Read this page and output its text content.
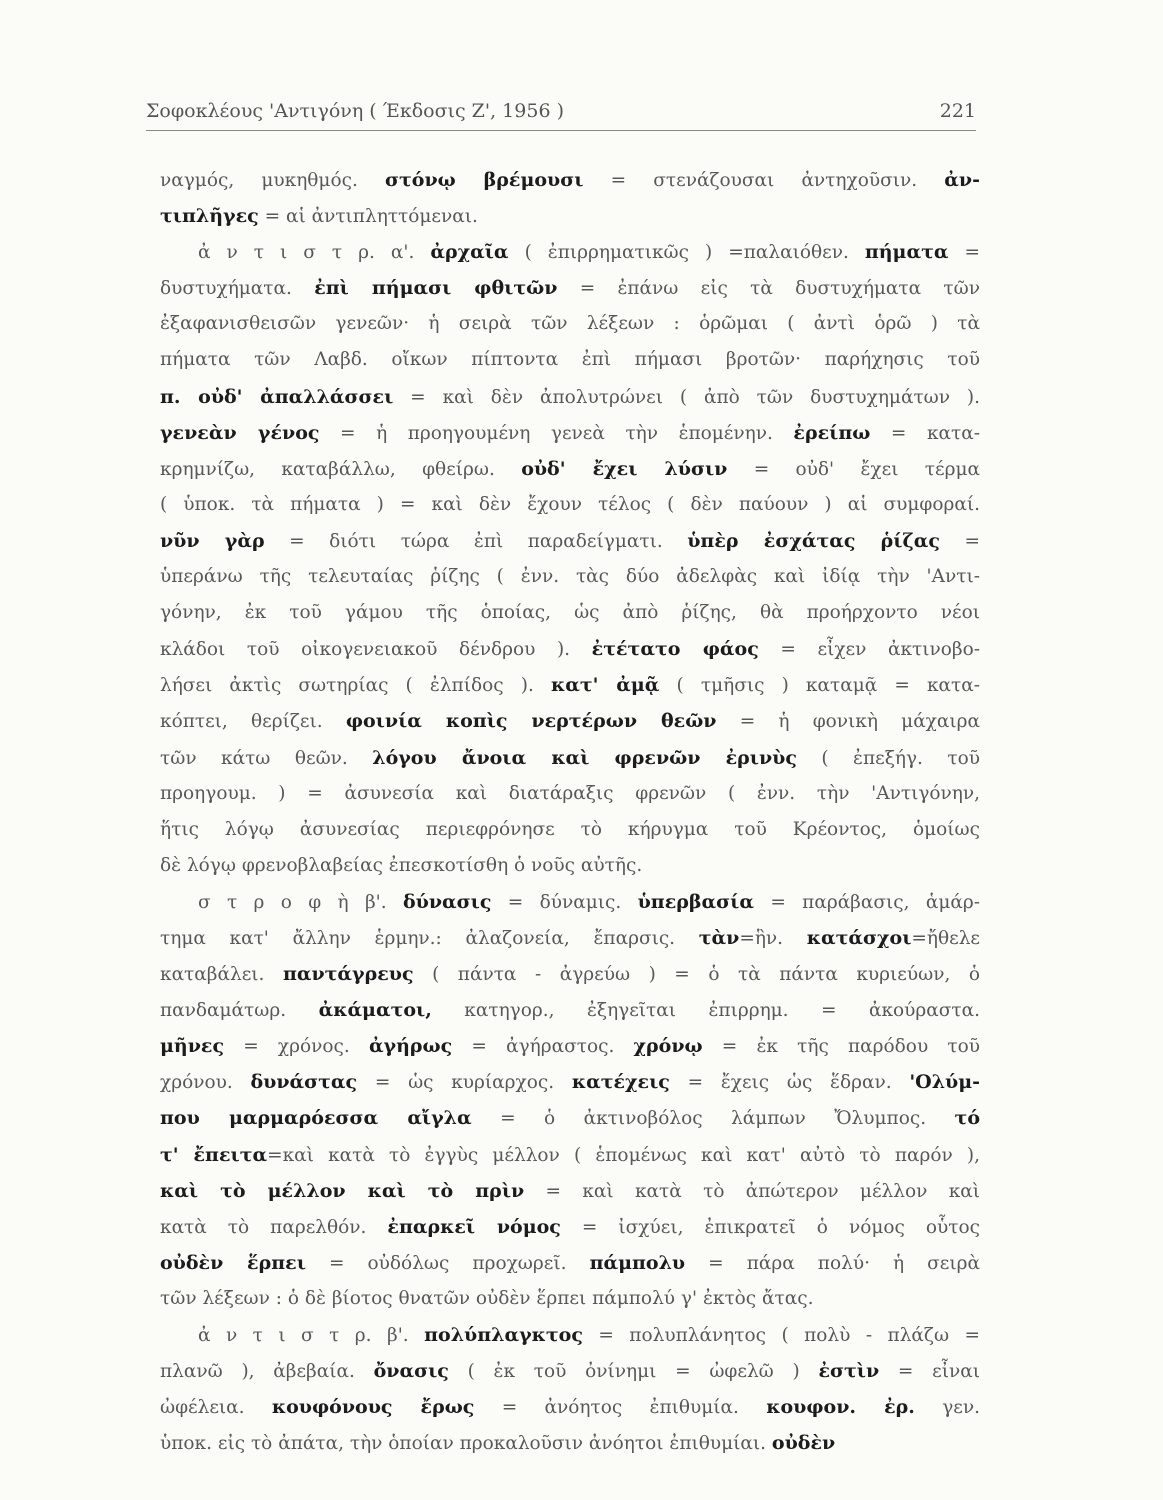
Σοφοκλέους 'Αντιγόνη ( Έκδοσις Ζ', 1956 )	221
ναγμός, μυκηθμός. στόνῳ βρέμουσι = στενάζουσαι ἀντηχοῦσιν. ἀν-
τιπλῆγες = αἱ ἀντιπληττόμεναι.
ἀ ν τ ι σ τ ρ. α'. ἀρχαῖα ( ἐπιρρηματικῶς ) =παλαιόθεν. πήματα =
δυστυχήματα. ἐπὶ πήμασι φθιτῶν = ἐπάνω εἰς τὰ δυστυχήματα τῶν
ἐξαφανισθεισῶν γενεῶν· ἡ σειρὰ τῶν λέξεων : ὁρῶμαι ( ἀντὶ ὁρῶ ) τὰ
πήματα τῶν Λαβδ. οἴκων πίπτοντα ἐπὶ πήμασι βροτῶν· παρήχησις τοῦ
π. οὐδ' ἀπαλλάσσει = καὶ δὲν ἀπολυτρώνει ( ἀπὸ τῶν δυστυχημάτων ).
γενεὰν γένος = ἡ προηγουμένη γενεὰ τὴν ἑπομένην. ἐρείπω = κατα-
κρημνίζω, καταβάλλω, φθείρω. οὐδ' ἔχει λύσιν = οὐδ' ἔχει τέρμα
( ὑποκ. τὰ πήματα ) = καὶ δὲν ἔχουν τέλος ( δὲν παύουν ) αἱ συμφοραί.
νῦν γὰρ = διότι τώρα ἐπὶ παραδείγματι. ὑπὲρ ἐσχάτας ῥίζας =
ὑπεράνω τῆς τελευταίας ῥίζης ( ἐνν. τὰς δύο ἀδελφὰς καὶ ἰδίᾳ τὴν 'Αντι-
γόνην, ἐκ τοῦ γάμου τῆς ὁποίας, ὡς ἀπὸ ῥίζης, θὰ προήρχοντο νέοι
κλάδοι τοῦ οἰκογενειακοῦ δένδρου ). ἐτέτατο φάος = εἶχεν ἀκτινοβο-
λήσει ἀκτὶς σωτηρίας ( ἐλπίδος ). κατ' ἀμᾷ ( τμῆσις ) καταμᾷ = κατα-
κόπτει, θερίζει. φοινία κοπὶς νερτέρων θεῶν = ἡ φονικὴ μάχαιρα
τῶν κάτω θεῶν. λόγου ἄνοια καὶ φρενῶν ἐρινὺς ( ἐπεξήγ. τοῦ
προηγουμ. ) = ἀσυνεσία καὶ διατάραξις φρενῶν ( ἐνν. τὴν 'Αντιγόνην,
ἥτις λόγῳ ἀσυνεσίας περιεφρόνησε τὸ κήρυγμα τοῦ Κρέοντος, ὁμοίως
δὲ λόγῳ φρενοβλαβείας ἐπεσκοτίσθη ὁ νοῦς αὐτῆς.
σ τ ρ ο φ ὴ β'. δύνασις = δύναμις. ὑπερβασία = παράβασις, ἁμάρ-
τημα κατ' ἄλλην ἑρμην.: ἀλαζονεία, ἔπαρσις. τὰν=ἣν. κατάσχοι=ἤθελε
καταβάλει. παντάγρευς ( πάντα - ἀγρεύω ) = ὁ τὰ πάντα κυριεύων, ὁ
πανδαμάτωρ. ἀκάματοι, κατηγορ., ἐξηγεῖται ἐπιρρημ. = ἀκούραστα.
μῆνες = χρόνος. ἀγήρως = ἀγήραστος. χρόνῳ = ἐκ τῆς παρόδου τοῦ
χρόνου. δυνάστας = ὡς κυρίαρχος. κατέχεις = ἔχεις ὡς ἕδραν. 'Ολύμ-
που μαρμαρόεσσα αἴγλα = ὁ ἀκτινοβόλος λάμπων Ὄλυμπος. τό
τ' ἔπειτα=καὶ κατὰ τὸ ἐγγὺς μέλλον ( ἑπομένως καὶ κατ' αὐτὸ τὸ παρόν ),
καὶ τὸ μέλλον καὶ τὸ πρὶν = καὶ κατὰ τὸ ἀπώτερον μέλλον καὶ
κατὰ τὸ παρελθόν. ἐπαρκεῖ νόμος = ἰσχύει, ἐπικρατεῖ ὁ νόμος οὗτος
οὐδὲν ἕρπει = οὐδόλως προχωρεῖ. πάμπολυ = πάρα πολύ· ἡ σειρὰ
τῶν λέξεων : ὁ δὲ βίοτος θνατῶν οὐδὲν ἕρπει πάμπολύ γ' ἐκτὸς ἄτας.
ἀ ν τ ι σ τ ρ. β'. πολύπλαγκτος = πολυπλάνητος ( πολὺ - πλάζω =
πλανῶ ), ἀβεβαία. ὄνασις ( ἐκ τοῦ ὀνίνημι = ὠφελῶ ) ἐστὶν = εἶναι
ὠφέλεια. κουφόνους ἔρως = ἀνόητος ἐπιθυμία. κουφον. ἐρ. γεν.
ὑποκ. εἰς τὸ ἀπάτα, τὴν ὁποίαν προκαλοῦσιν ἀνόητοι ἐπιθυμίαι. οὐδὲν
